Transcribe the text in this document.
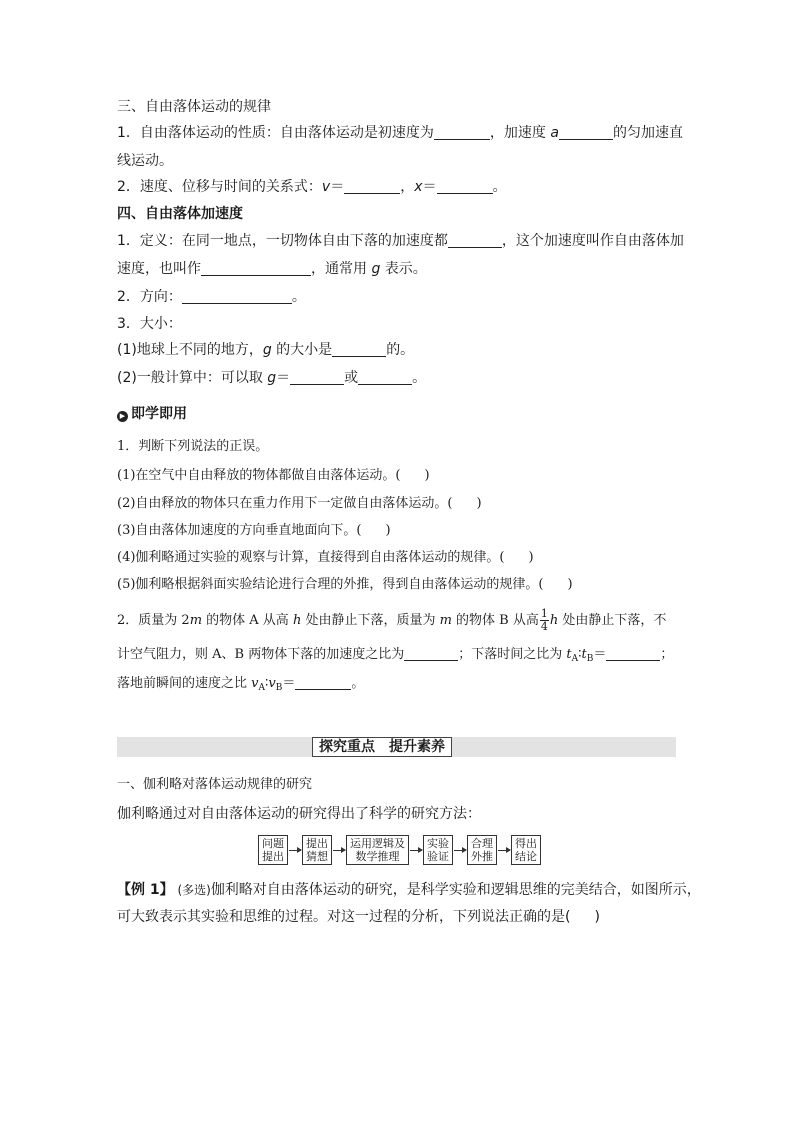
三、自由落体运动的规律
1．自由落体运动的性质：自由落体运动是初速度为	，加速度 a	的匀加速直
线运动。
2．速度、位移与时间的关系式：v＝	，x＝	。
四、自由落体加速度
1．定义：在同一地点，一切物体自由下落的加速度都	，这个加速度叫作自由落体加
速度，也叫作	，通常用 g 表示。
2．方向：	。
3．大小：
(1)地球上不同的地方，g 的大小是	的。
(2)一般计算中：可以取 g＝	或	。
▶ 即学即用
1．判断下列说法的正误。
(1)在空气中自由释放的物体都做自由落体运动。( )
(2)自由释放的物体只在重力作用下一定做自由落体运动。( )
(3)自由落体加速度的方向垂直地面向下。( )
(4)伽利略通过实验的观察与计算，直接得到自由落体运动的规律。( )
(5)伽利略根据斜面实验结论进行合理的外推，得到自由落体运动的规律。( )
2．质量为 2m 的物体 A 从高 h 处由静止下落，质量为 m 的物体 B 从高 $\frac{1}{4}$ h 处由静止下落，不
计空气阻力，则 A、B 两物体下落的加速度之比为	；下落时间之比为 $t_A∶t_B=$	；
落地前瞬间的速度之比 $v_A∶v_B=$	。
探究重点 提升素养
一、伽利略对落体运动规律的研究
伽利略通过对自由落体运动的研究得出了科学的研究方法：
问题
提出
提出
猜想
运用逻辑及
数学推理
实验
验证
合理
外推
得出
结论
【例 1】 (多选)伽利略对自由落体运动的研究，是科学实验和逻辑思维的完美结合，如图所示，
可大致表示其实验和思维的过程。对这一过程的分析，下列说法正确的是( )
